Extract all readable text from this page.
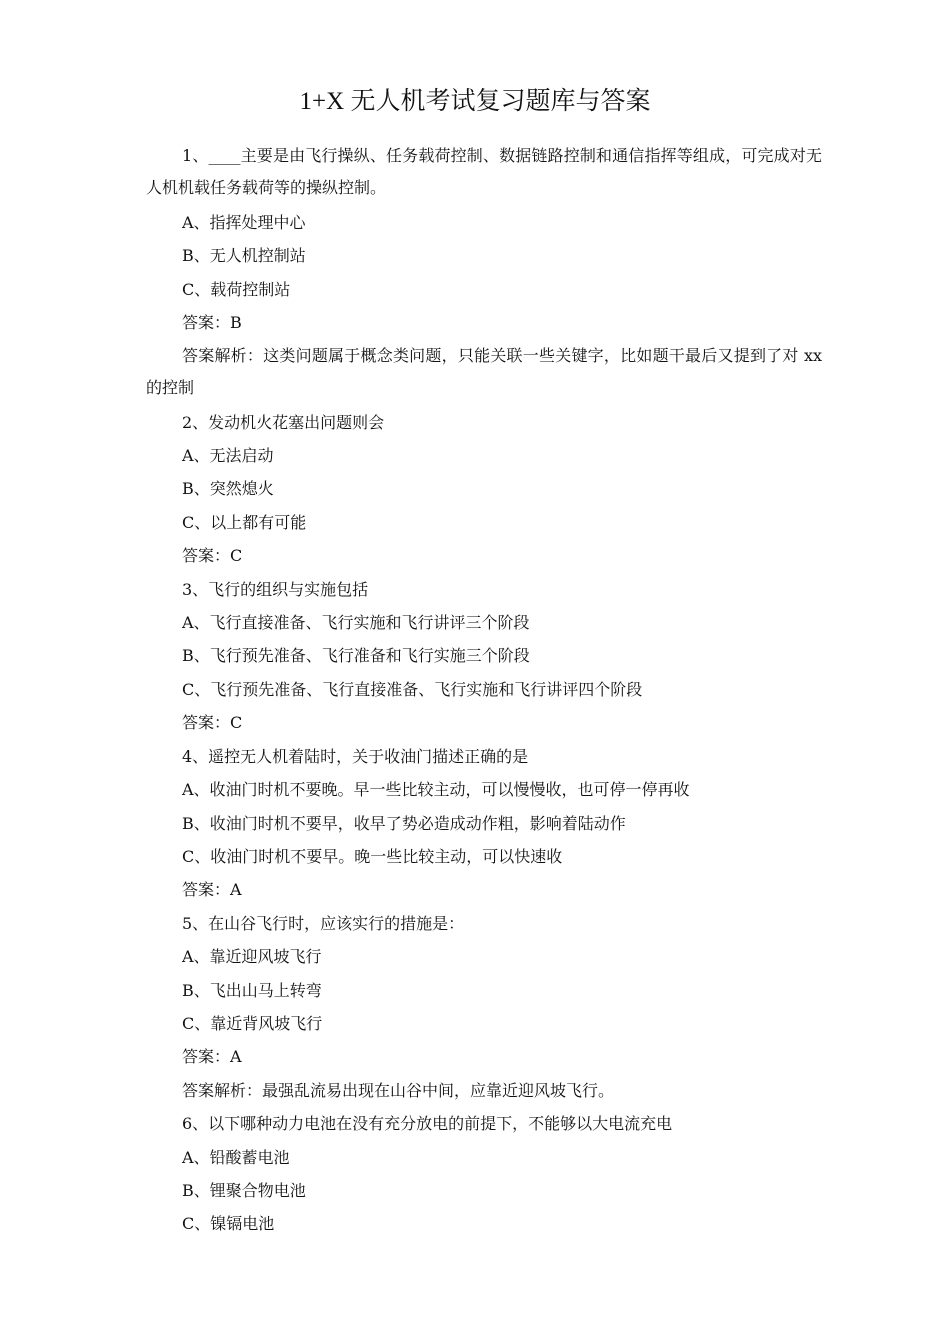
1+X 无人机考试复习题库与答案

1、____主要是由飞行操纵、任务载荷控制、数据链路控制和通信指挥等组成，可完成对无人机机载任务载荷等的操纵控制。

A、指挥处理中心

B、无人机控制站

C、载荷控制站

答案：B

答案解析：这类问题属于概念类问题，只能关联一些关键字，比如题干最后又提到了对 xx 的控制

2、发动机火花塞出问题则会

A、无法启动

B、突然熄火

C、以上都有可能

答案：C

3、飞行的组织与实施包括

A、飞行直接准备、飞行实施和飞行讲评三个阶段

B、飞行预先准备、飞行准备和飞行实施三个阶段

C、飞行预先准备、飞行直接准备、飞行实施和飞行讲评四个阶段

答案：C

4、遥控无人机着陆时，关于收油门描述正确的是

A、收油门时机不要晚。早一些比较主动，可以慢慢收，也可停一停再收

B、收油门时机不要早，收早了势必造成动作粗，影响着陆动作

C、收油门时机不要早。晚一些比较主动，可以快速收

答案：A

5、在山谷飞行时，应该实行的措施是：

A、靠近迎风坡飞行

B、飞出山马上转弯

C、靠近背风坡飞行

答案：A

答案解析：最强乱流易出现在山谷中间，应靠近迎风坡飞行。

6、以下哪种动力电池在没有充分放电的前提下，不能够以大电流充电

A、铅酸蓄电池

B、锂聚合物电池

C、镍镉电池
